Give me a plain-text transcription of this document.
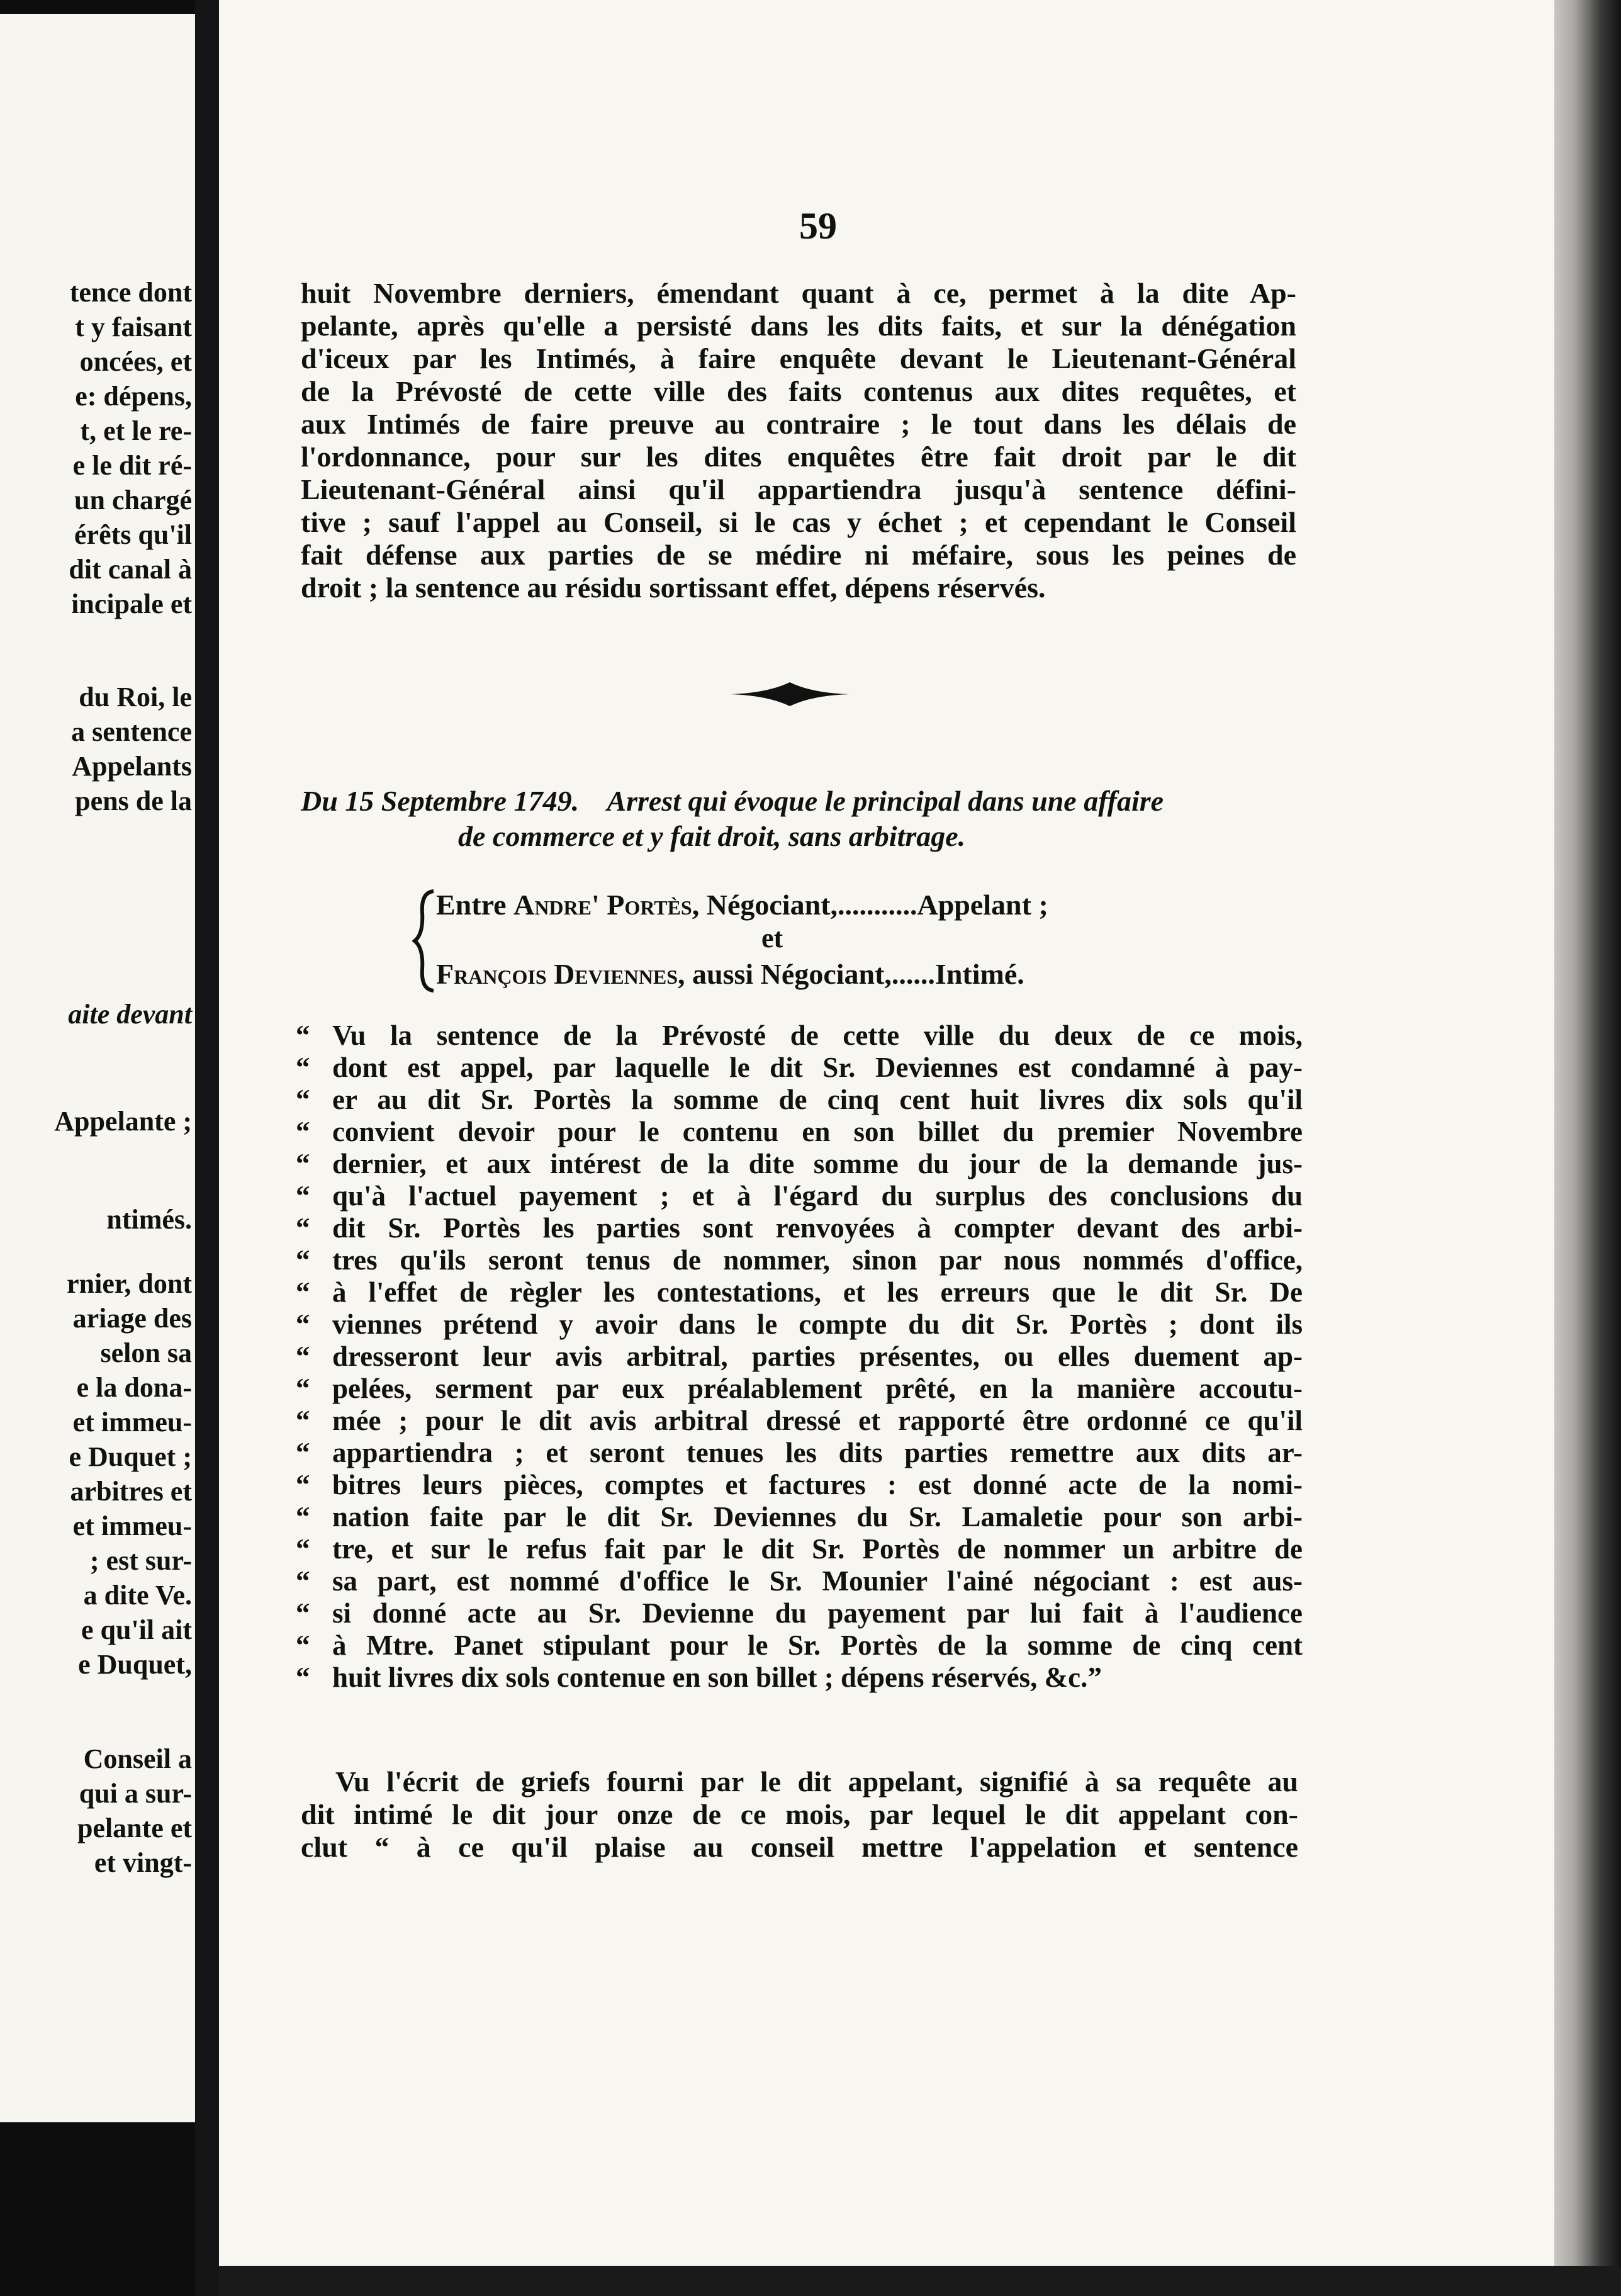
tence dont
t y faisant
oncées, et
e: dépens,
t, et le re-
e le dit ré-
un chargé
érêts qu'il
dit canal à
incipale et
du Roi, le
a sentence
Appelants
pens de la
aite devant
Appelante ;
ntimés.
rnier, dont
ariage des
selon sa
e la dona-
et immeu-
e Duquet ;
arbitres et
et immeu-
; est sur-
a dite Ve.
e qu'il ait
e Duquet,
Conseil a
qui a sur-
pelante et
et vingt-
59
huit Novembre derniers, émendant quant à ce, permet à la dite Ap-
pelante, après qu'elle a persisté dans les dits faits, et sur la dénégation
d'iceux par les Intimés, à faire enquête devant le Lieutenant-Général
de la Prévosté de cette ville des faits contenus aux dites requêtes, et
aux Intimés de faire preuve au contraire ; le tout dans les délais de
l'ordonnance, pour sur les dites enquêtes être fait droit par le dit
Lieutenant-Général ainsi qu'il appartiendra jusqu'à sentence défini-
tive ; sauf l'appel au Conseil, si le cas y échet ; et cependant le Conseil
fait défense aux parties de se médire ni méfaire, sous les peines de
droit ; la sentence au résidu sortissant effet, dépens réservés.
Du 15 Septembre 1749. Arrest qui évoque le principal dans une affaire
de commerce et y fait droit, sans arbitrage.
Entre Andre' Portès, Négociant,...........Appelant ;
et
François Deviennes, aussi Négociant,......Intimé.
“ Vu la sentence de la Prévosté de cette ville du deux de ce mois,
“ dont est appel, par laquelle le dit Sr. Deviennes est condamné à pay-
“ er au dit Sr. Portès la somme de cinq cent huit livres dix sols qu'il
“ convient devoir pour le contenu en son billet du premier Novembre
“ dernier, et aux intérest de la dite somme du jour de la demande jus-
“ qu'à l'actuel payement ; et à l'égard du surplus des conclusions du
“ dit Sr. Portès les parties sont renvoyées à compter devant des arbi-
“ tres qu'ils seront tenus de nommer, sinon par nous nommés d'office,
“ à l'effet de règler les contestations, et les erreurs que le dit Sr. De
“ viennes prétend y avoir dans le compte du dit Sr. Portès ; dont ils
“ dresseront leur avis arbitral, parties présentes, ou elles duement ap-
“ pelées, serment par eux préalablement prêté, en la manière accoutu-
“ mée ; pour le dit avis arbitral dressé et rapporté être ordonné ce qu'il
“ appartiendra ; et seront tenues les dits parties remettre aux dits ar-
“ bitres leurs pièces, comptes et factures : est donné acte de la nomi-
“ nation faite par le dit Sr. Deviennes du Sr. Lamaletie pour son arbi-
“ tre, et sur le refus fait par le dit Sr. Portès de nommer un arbitre de
“ sa part, est nommé d'office le Sr. Mounier l'ainé négociant : est aus-
“ si donné acte au Sr. Devienne du payement par lui fait à l'audience
“ à Mtre. Panet stipulant pour le Sr. Portès de la somme de cinq cent
“ huit livres dix sols contenue en son billet ; dépens réservés, &c.”
Vu l'écrit de griefs fourni par le dit appelant, signifié à sa requête au
dit intimé le dit jour onze de ce mois, par lequel le dit appelant con-
clut “ à ce qu'il plaise au conseil mettre l'appelation et sentence
